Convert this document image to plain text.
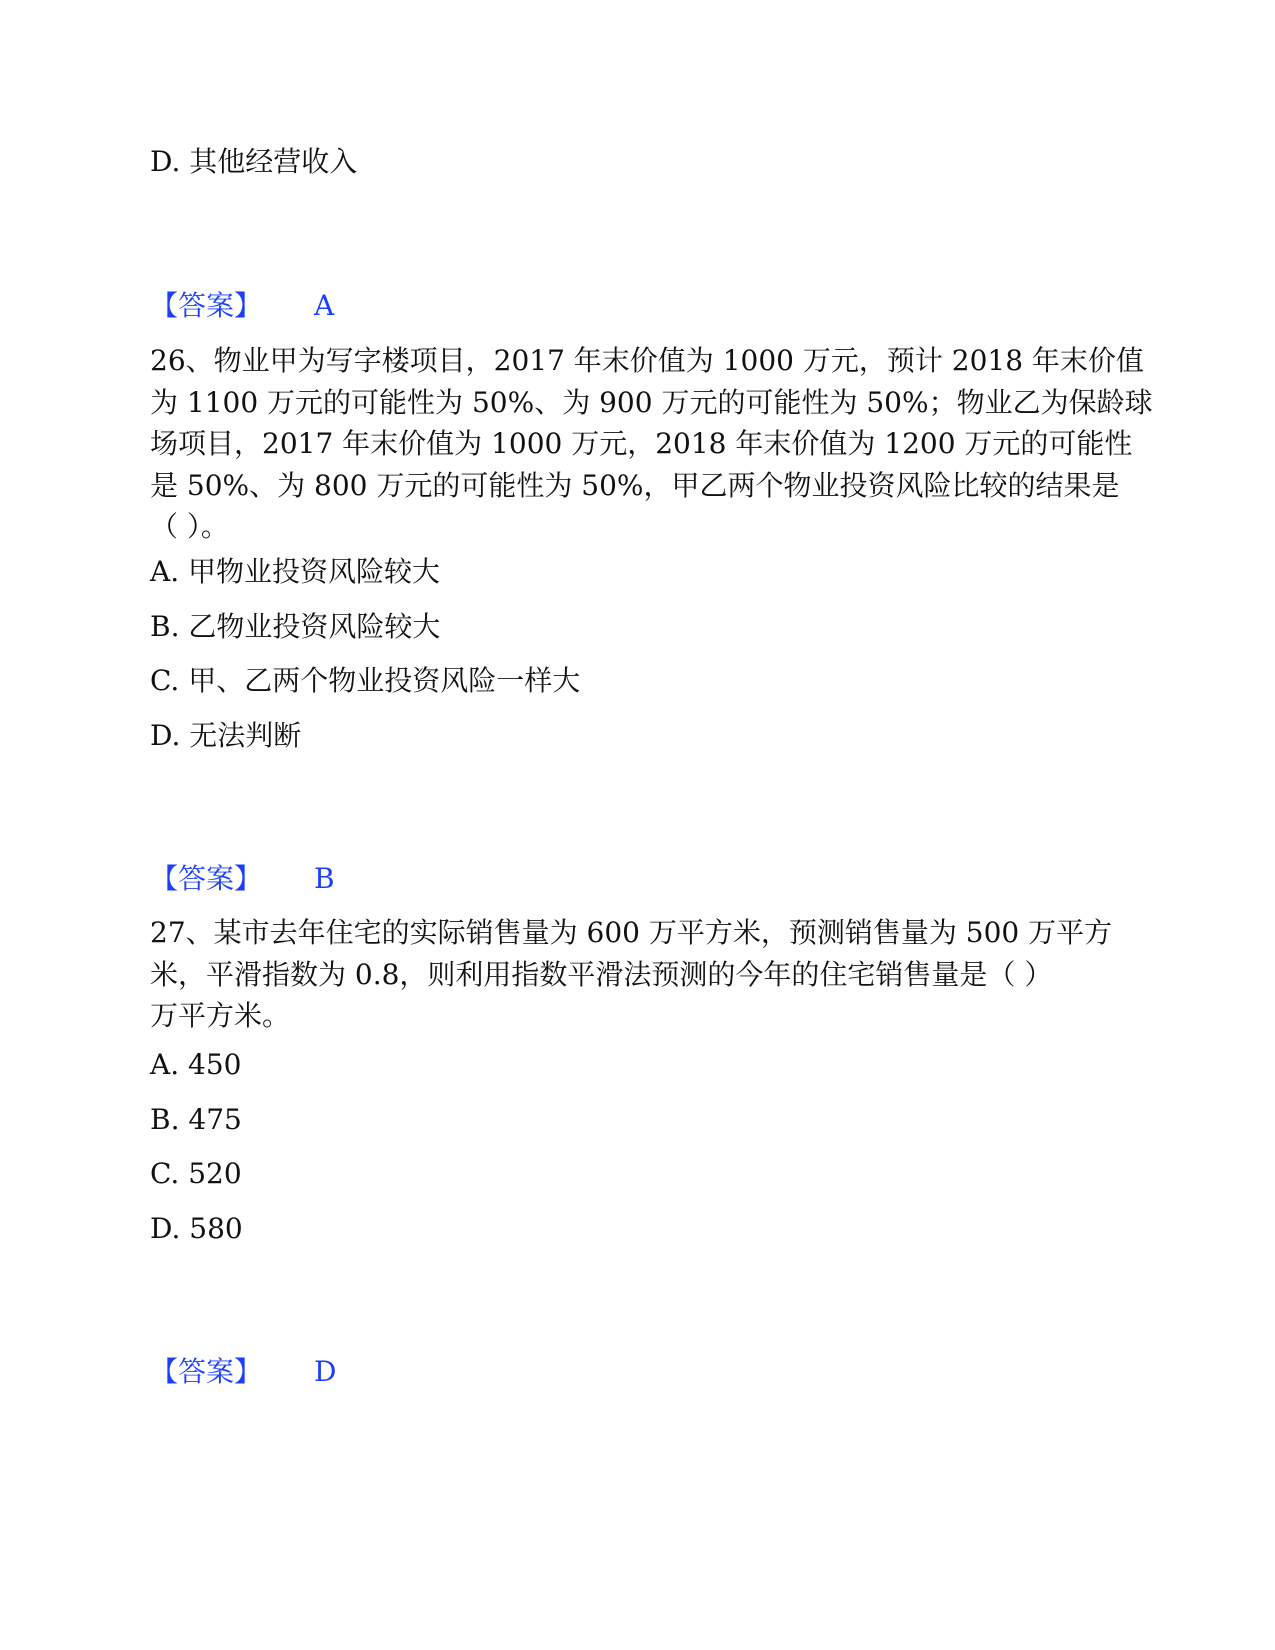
D. 其他经营收入
【答案】 A
26、物业甲为写字楼项目，2017 年末价值为 1000 万元，预计 2018 年末价值
为 1100 万元的可能性为 50%、为 900 万元的可能性为 50%；物业乙为保龄球
场项目，2017 年末价值为 1000 万元，2018 年末价值为 1200 万元的可能性
是 50%、为 800 万元的可能性为 50%，甲乙两个物业投资风险比较的结果是
（ ）。
A. 甲物业投资风险较大
B. 乙物业投资风险较大
C. 甲、乙两个物业投资风险一样大
D. 无法判断
【答案】 B
27、某市去年住宅的实际销售量为 600 万平方米，预测销售量为 500 万平方
米，平滑指数为 0.8，则利用指数平滑法预测的今年的住宅销售量是（ ）
万平方米。
A. 450
B. 475
C. 520
D. 580
【答案】 D
